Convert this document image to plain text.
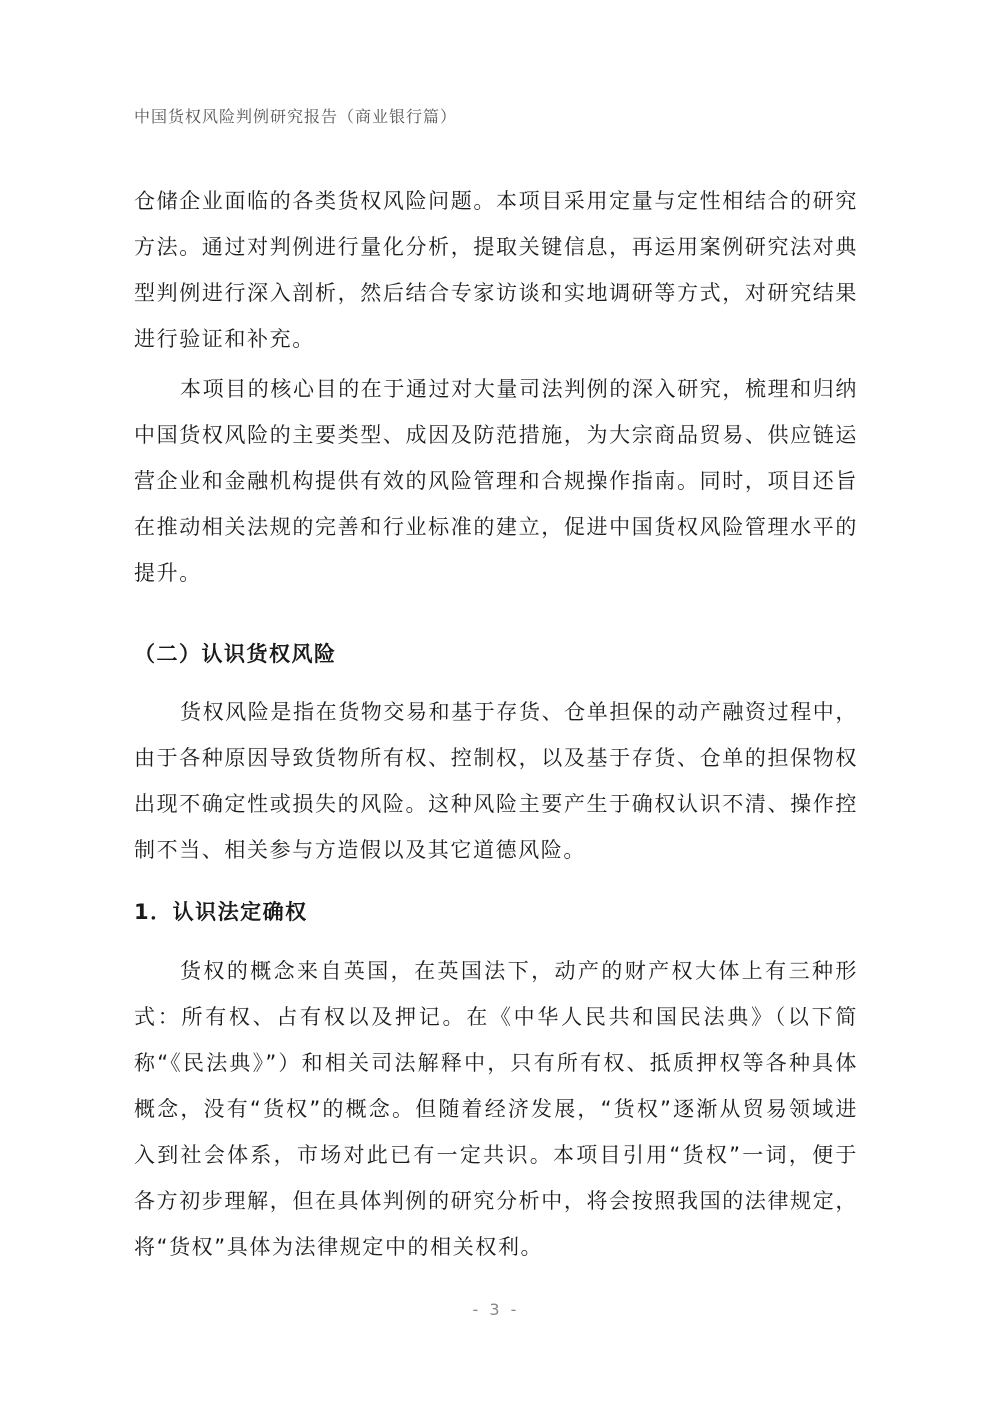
中国货权风险判例研究报告（商业银行篇）

仓储企业面临的各类货权风险问题。本项目采用定量与定性相结合的研究方法。通过对判例进行量化分析，提取关键信息，再运用案例研究法对典型判例进行深入剖析，然后结合专家访谈和实地调研等方式，对研究结果进行验证和补充。

本项目的核心目的在于通过对大量司法判例的深入研究，梳理和归纳中国货权风险的主要类型、成因及防范措施，为大宗商品贸易、供应链运营企业和金融机构提供有效的风险管理和合规操作指南。同时，项目还旨在推动相关法规的完善和行业标准的建立，促进中国货权风险管理水平的提升。

（二）认识货权风险

货权风险是指在货物交易和基于存货、仓单担保的动产融资过程中，由于各种原因导致货物所有权、控制权，以及基于存货、仓单的担保物权出现不确定性或损失的风险。这种风险主要产生于确权认识不清、操作控制不当、相关参与方造假以及其它道德风险。

1．认识法定确权

货权的概念来自英国，在英国法下，动产的财产权大体上有三种形式：所有权、占有权以及押记。在《中华人民共和国民法典》（以下简称“《民法典》”）和相关司法解释中，只有所有权、抵质押权等各种具体概念，没有“货权”的概念。但随着经济发展，“货权”逐渐从贸易领域进入到社会体系，市场对此已有一定共识。本项目引用“货权”一词，便于各方初步理解，但在具体判例的研究分析中，将会按照我国的法律规定，将“货权”具体为法律规定中的相关权利。

- 3 -
